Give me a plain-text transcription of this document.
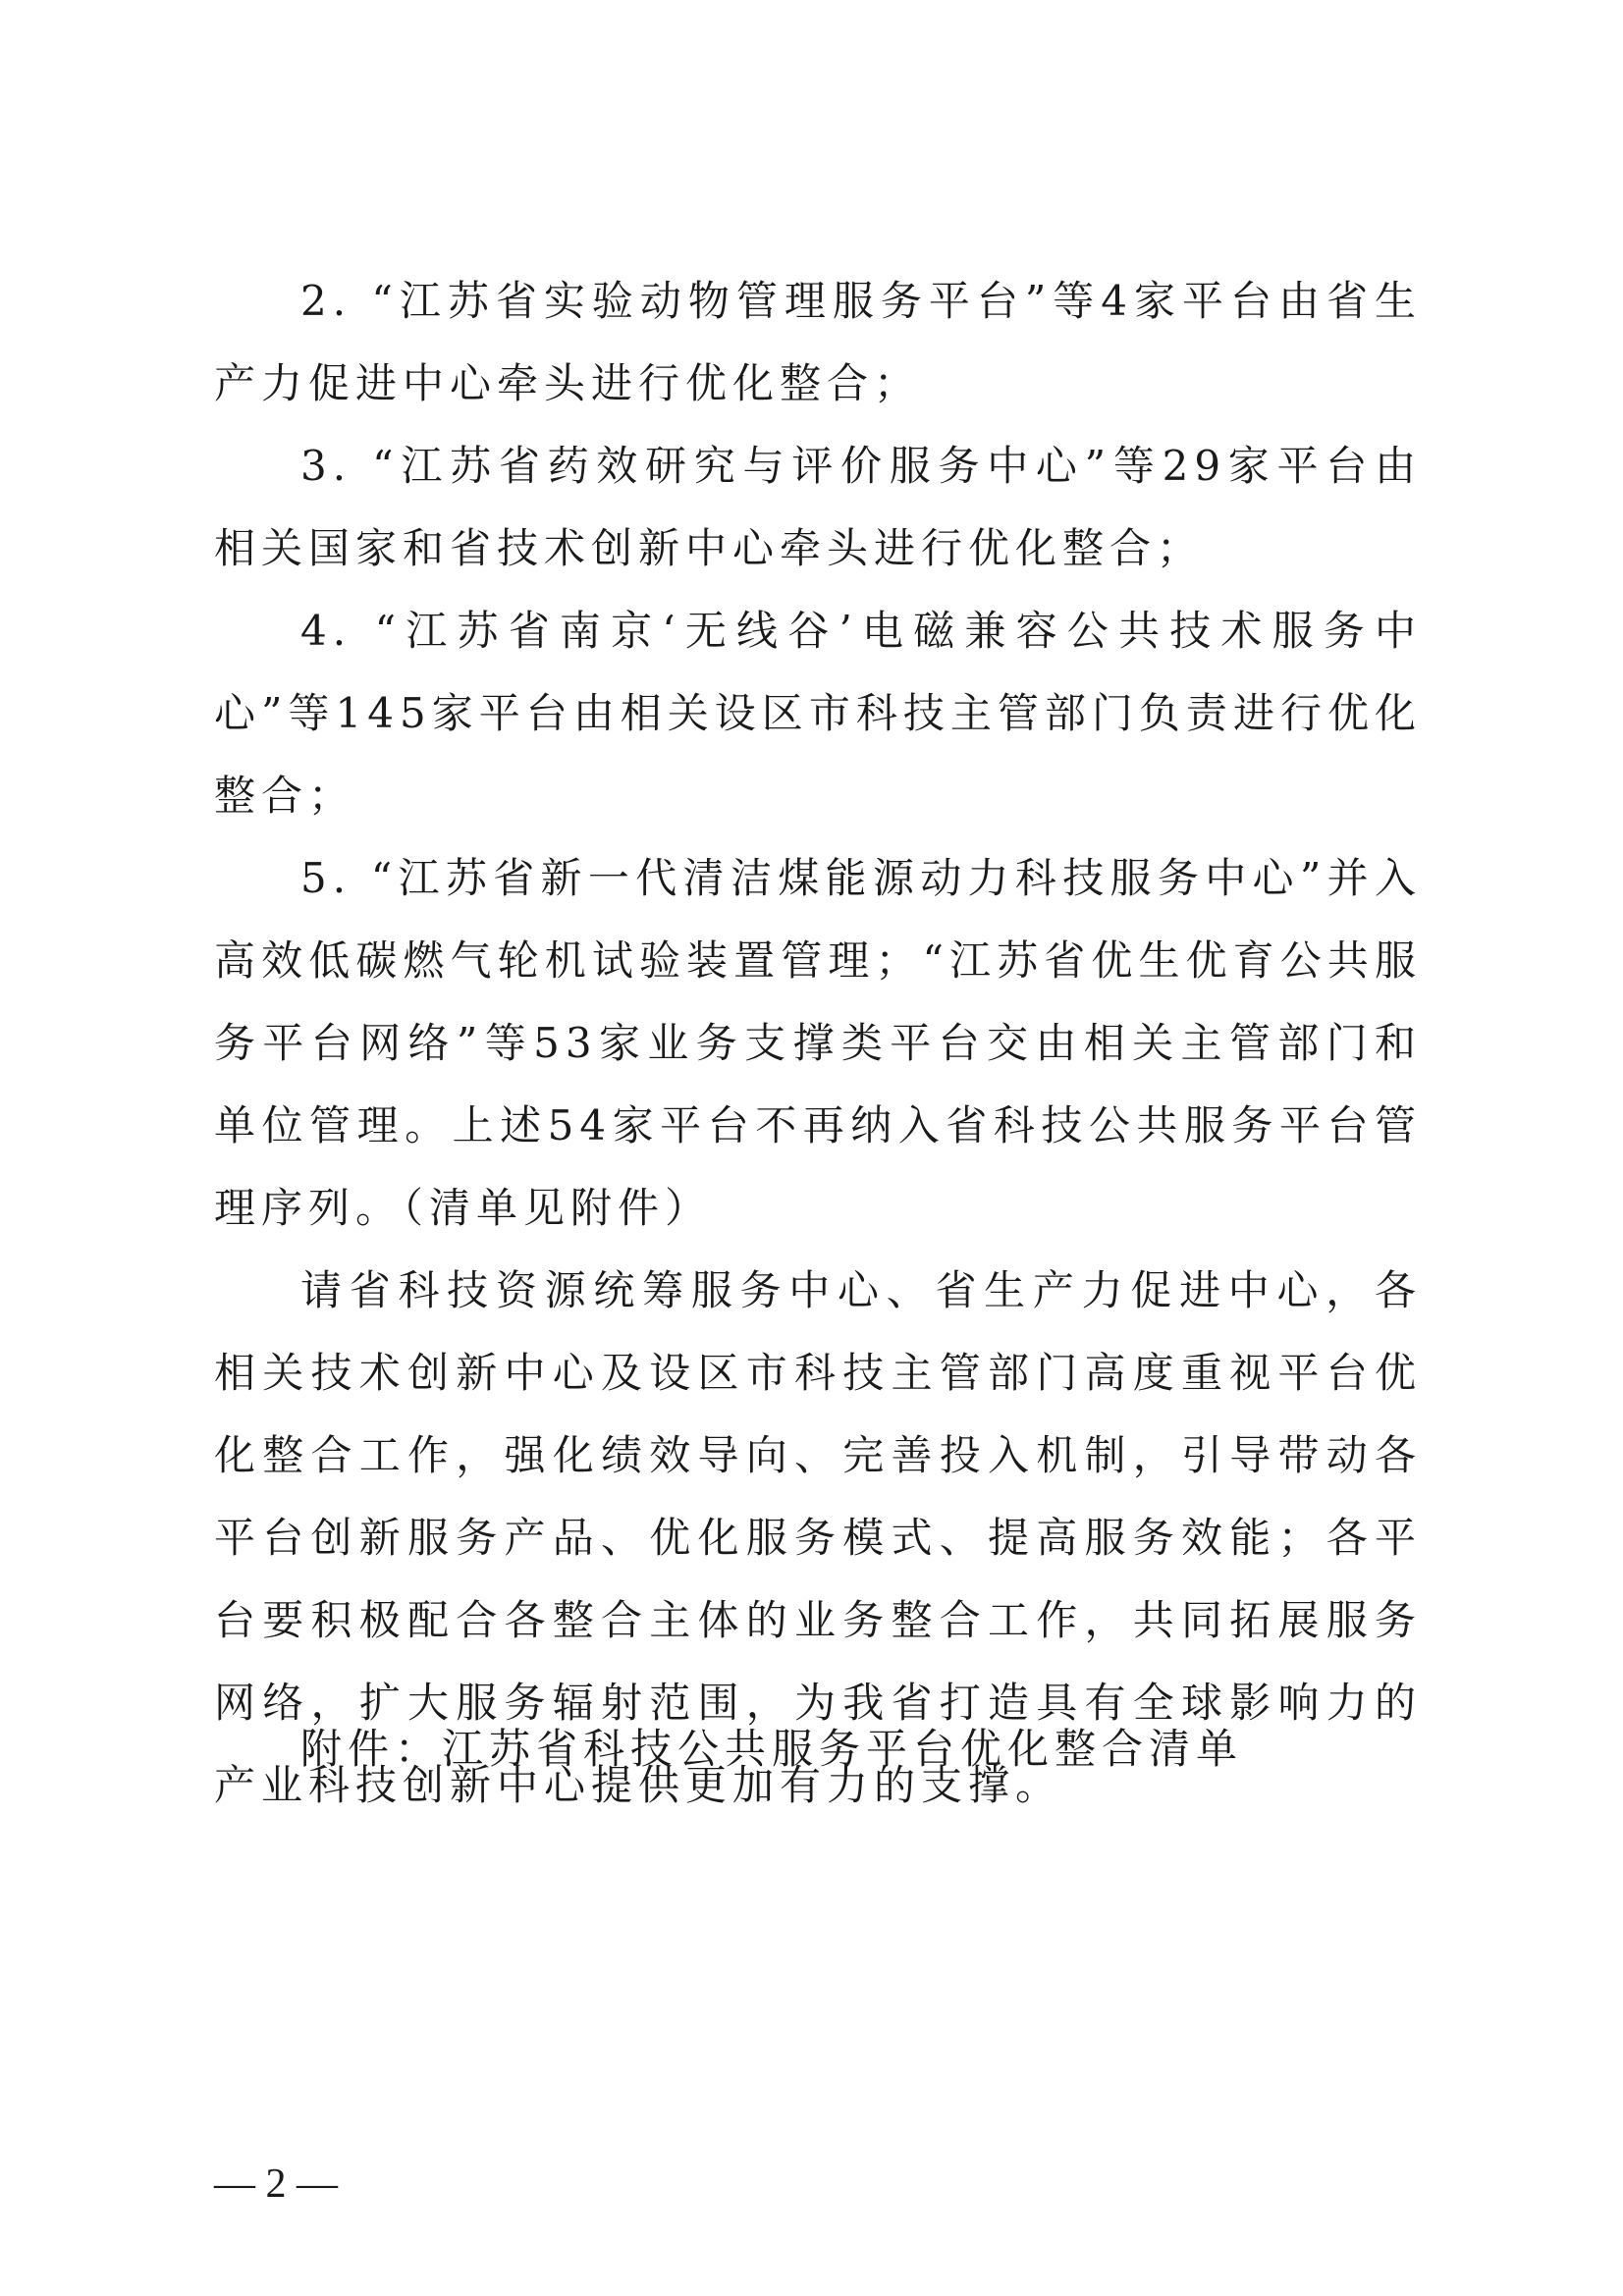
2. “江苏省实验动物管理服务平台”等4家平台由省生产力促进中心牵头进行优化整合；

3. “江苏省药效研究与评价服务中心”等29家平台由相关国家和省技术创新中心牵头进行优化整合；

4. “江苏省南京‘无线谷’电磁兼容公共技术服务中心”等145家平台由相关设区市科技主管部门负责进行优化整合；

5. “江苏省新一代清洁煤能源动力科技服务中心”并入高效低碳燃气轮机试验装置管理；“江苏省优生优育公共服务平台网络”等53家业务支撑类平台交由相关主管部门和单位管理。上述54家平台不再纳入省科技公共服务平台管理序列。（清单见附件）

请省科技资源统筹服务中心、省生产力促进中心，各相关技术创新中心及设区市科技主管部门高度重视平台优化整合工作，强化绩效导向、完善投入机制，引导带动各平台创新服务产品、优化服务模式、提高服务效能；各平台要积极配合各整合主体的业务整合工作，共同拓展服务网络，扩大服务辐射范围，为我省打造具有全球影响力的产业科技创新中心提供更加有力的支撑。

附件：江苏省科技公共服务平台优化整合清单

— 2 —
